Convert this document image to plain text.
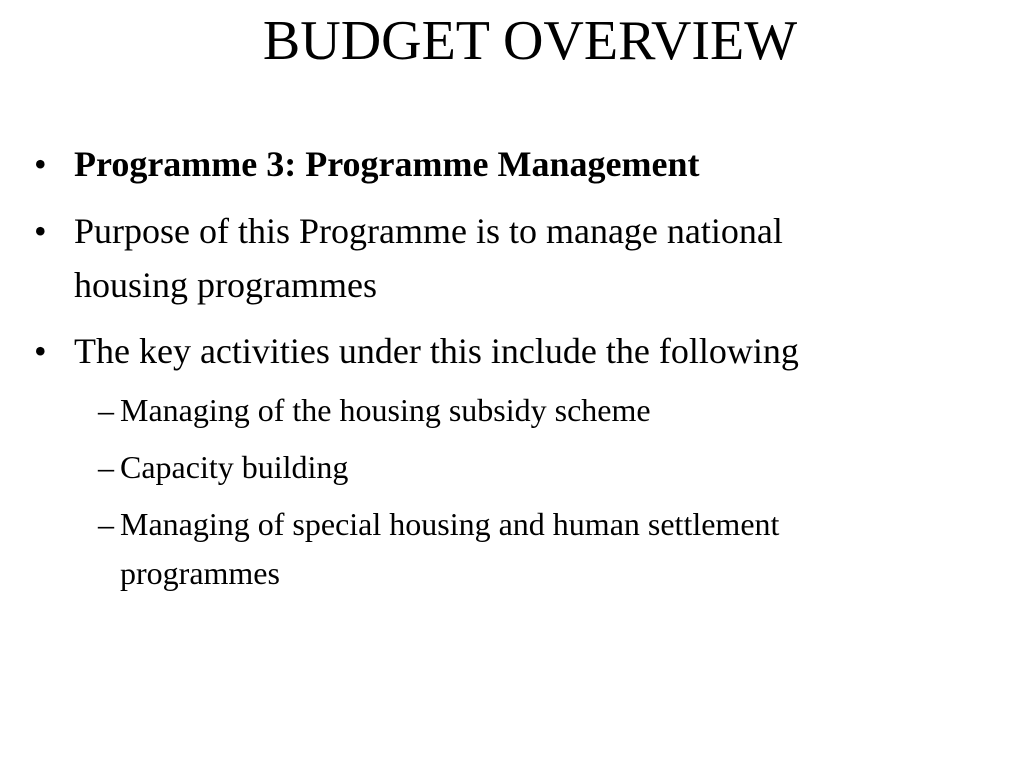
BUDGET OVERVIEW
• Programme 3: Programme Management
• Purpose of this Programme is to manage national
housing programmes
• The key activities under this include the following
– Managing of the housing subsidy scheme
– Capacity building
– Managing of special housing and human settlement
programmes
